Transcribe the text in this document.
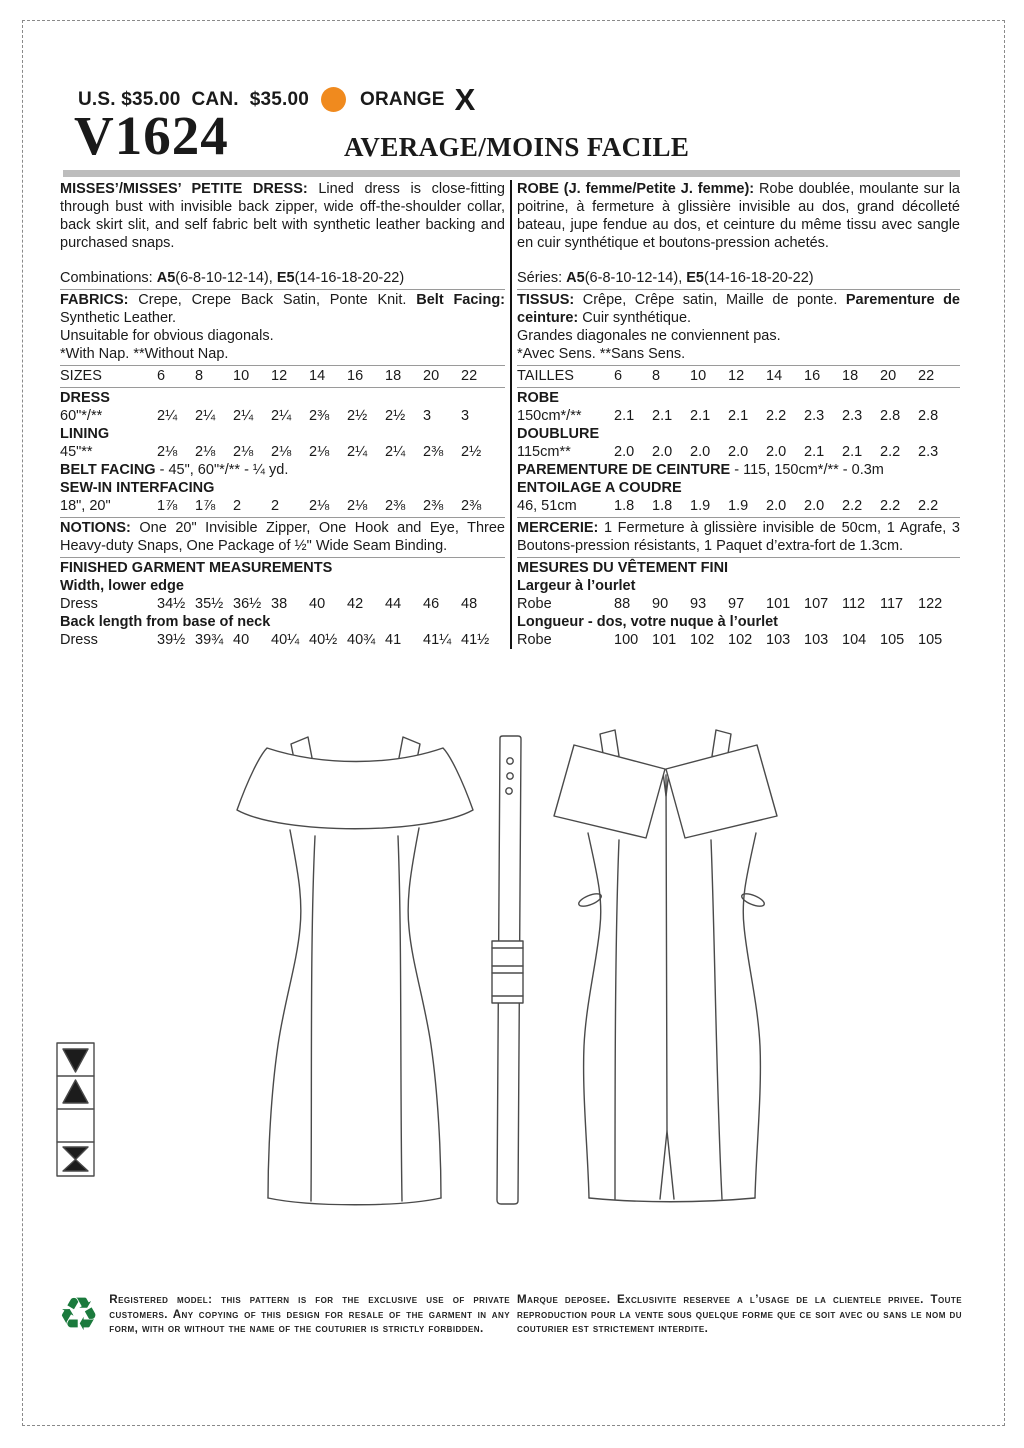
U.S. $35.00  CAN.  $35.00	ORANGE X
V1624	AVERAGE/MOINS FACILE

MISSES’/MISSES’ PETITE DRESS: Lined dress is close-fitting through bust with invisible back zipper, wide off-the-shoulder collar, back skirt slit, and self fabric belt with synthetic leather backing and purchased snaps.

Combinations: A5(6-8-10-12-14), E5(14-16-18-20-22)

FABRICS: Crepe, Crepe Back Satin, Ponte Knit. Belt Facing: Synthetic Leather.

Unsuitable for obvious diagonals.
*With Nap. **Without Nap.
SIZES	6	8	10	12	14	16	18	20	22
DRESS
60"*/**	2¼	2¼	2¼	2¼	2⅜	2½	2½	3	3
LINING
45"**	2⅛	2⅛	2⅛	2⅛	2⅛	2¼	2¼	2⅜	2½
BELT FACING - 45", 60"*/** - ¼ yd.
SEW-IN INTERFACING
18", 20"	1⅞	1⅞	2	2	2⅛	2⅛	2⅜	2⅜	2⅜

NOTIONS: One 20" Invisible Zipper, One Hook and Eye, Three Heavy-duty Snaps, One Package of ½" Wide Seam Binding.

FINISHED GARMENT MEASUREMENTS
Width, lower edge
Dress	34½ 35½ 36½ 38	40	42	44	46	48
Back length from base of neck
Dress	39½ 39¾ 40	40¼ 40½ 40¾ 41	41¼ 41½

ROBE (J. femme/Petite J. femme): Robe doublée, moulante sur la poitrine, à fermeture à glissière invisible au dos, grand décolleté bateau, jupe fendue au dos, et ceinture du même tissu avec sangle en cuir synthétique et boutons-pression achetés.

Séries: A5(6-8-10-12-14), E5(14-16-18-20-22)

TISSUS: Crêpe, Crêpe satin, Maille de ponte. Parementure de ceinture: Cuir synthétique.

Grandes diagonales ne conviennent pas.
*Avec Sens. **Sans Sens.
TAILLES	6	8	10	12	14	16	18	20	22
ROBE
150cm*/**	2.1	2.1	2.1	2.1	2.2	2.3	2.3	2.8	2.8
DOUBLURE
115cm**	2.0	2.0	2.0	2.0	2.0	2.1	2.1	2.2	2.3
PAREMENTURE DE CEINTURE - 115, 150cm*/** - 0.3m
ENTOILAGE A COUDRE
46, 51cm	1.8	1.8	1.9	1.9	2.0	2.0	2.2	2.2	2.2

MERCERIE: 1 Fermeture à glissière invisible de 50cm, 1 Agrafe, 3 Boutons-pression résistants, 1 Paquet d’extra-fort de 1.3cm.

MESURES DU VÊTEMENT FINI
Largeur à l’ourlet
Robe	88	90	93	97	101 107 112	117	122
Longueur - dos, votre nuque à l’ourlet
Robe	100 101 102 102 103 103 104 105 105
♻ Registered model: this pattern is for the exclusive use of private customers. Any copying of this design for resale of the garment in any form, with or without the name of the couturier is strictly forbidden.

Marque deposee. Exclusivite reservee a l’usage de la clientele privee. Toute reproduction pour la vente sous quelque forme que ce soit avec ou sans le nom du couturier est strictement interdite.
